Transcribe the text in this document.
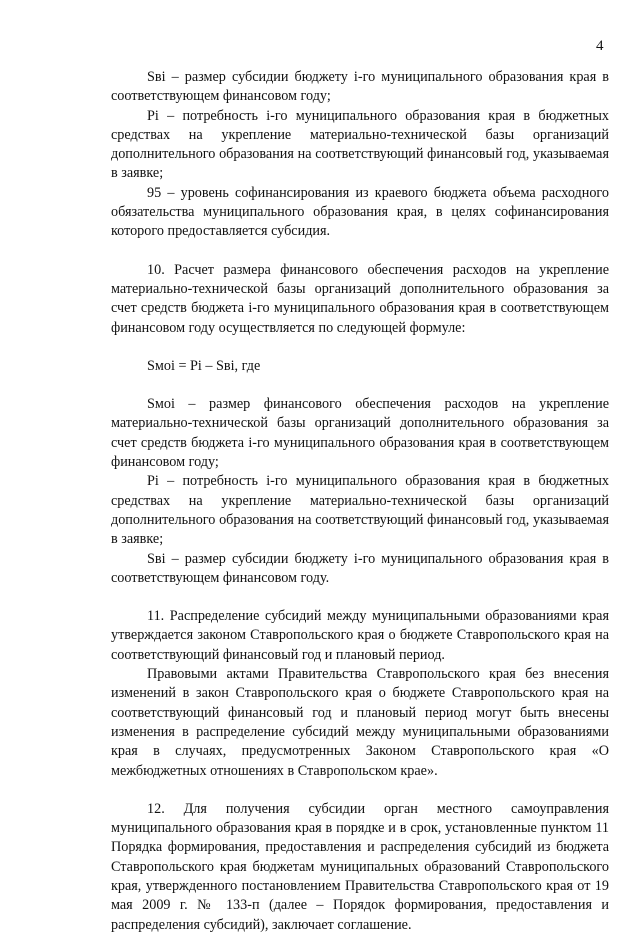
4

Sвi – размер субсидии бюджету i-го муниципального образования края в соответствующем финансовом году;

Pi – потребность i-го муниципального образования края в бюджетных средствах на укрепление материально-технической базы организаций дополнительного образования на соответствующий финансовый год, указываемая в заявке;

95 – уровень софинансирования из краевого бюджета объема расходного обязательства муниципального образования края, в целях софинансирования которого предоставляется субсидия.

10. Расчет размера финансового обеспечения расходов на укрепление материально-технической базы организаций дополнительного образования за счет средств бюджета i-го муниципального образования края в соответствующем финансовом году осуществляется по следующей формуле:

Sмoi = Pi – Sвi, где

Sмoi – размер финансового обеспечения расходов на укрепление материально-технической базы организаций дополнительного образования за счет средств бюджета i-го муниципального образования края в соответствующем финансовом году;

Pi – потребность i-го муниципального образования края в бюджетных средствах на укрепление материально-технической базы организаций дополнительного образования на соответствующий финансовый год, указываемая в заявке;

Sвi – размер субсидии бюджету i-го муниципального образования края в соответствующем финансовом году.

11. Распределение субсидий между муниципальными образованиями края утверждается законом Ставропольского края о бюджете Ставропольского края на соответствующий финансовый год и плановый период.

Правовыми актами Правительства Ставропольского края без внесения изменений в закон Ставропольского края о бюджете Ставропольского края на соответствующий финансовый год и плановый период могут быть внесены изменения в распределение субсидий между муниципальными образованиями края в случаях, предусмотренных Законом Ставропольского края «О межбюджетных отношениях в Ставропольском крае».

12. Для получения субсидии орган местного самоуправления муниципального образования края в порядке и в срок, установленные пунктом 11 Порядка формирования, предоставления и распределения субсидий из бюджета Ставропольского края бюджетам муниципальных образований Ставропольского края, утвержденного постановлением Правительства Ставропольского края от 19 мая 2009 г. № 133-п (далее – Порядок формирования, предоставления и распределения субсидий), заключает соглашение.
